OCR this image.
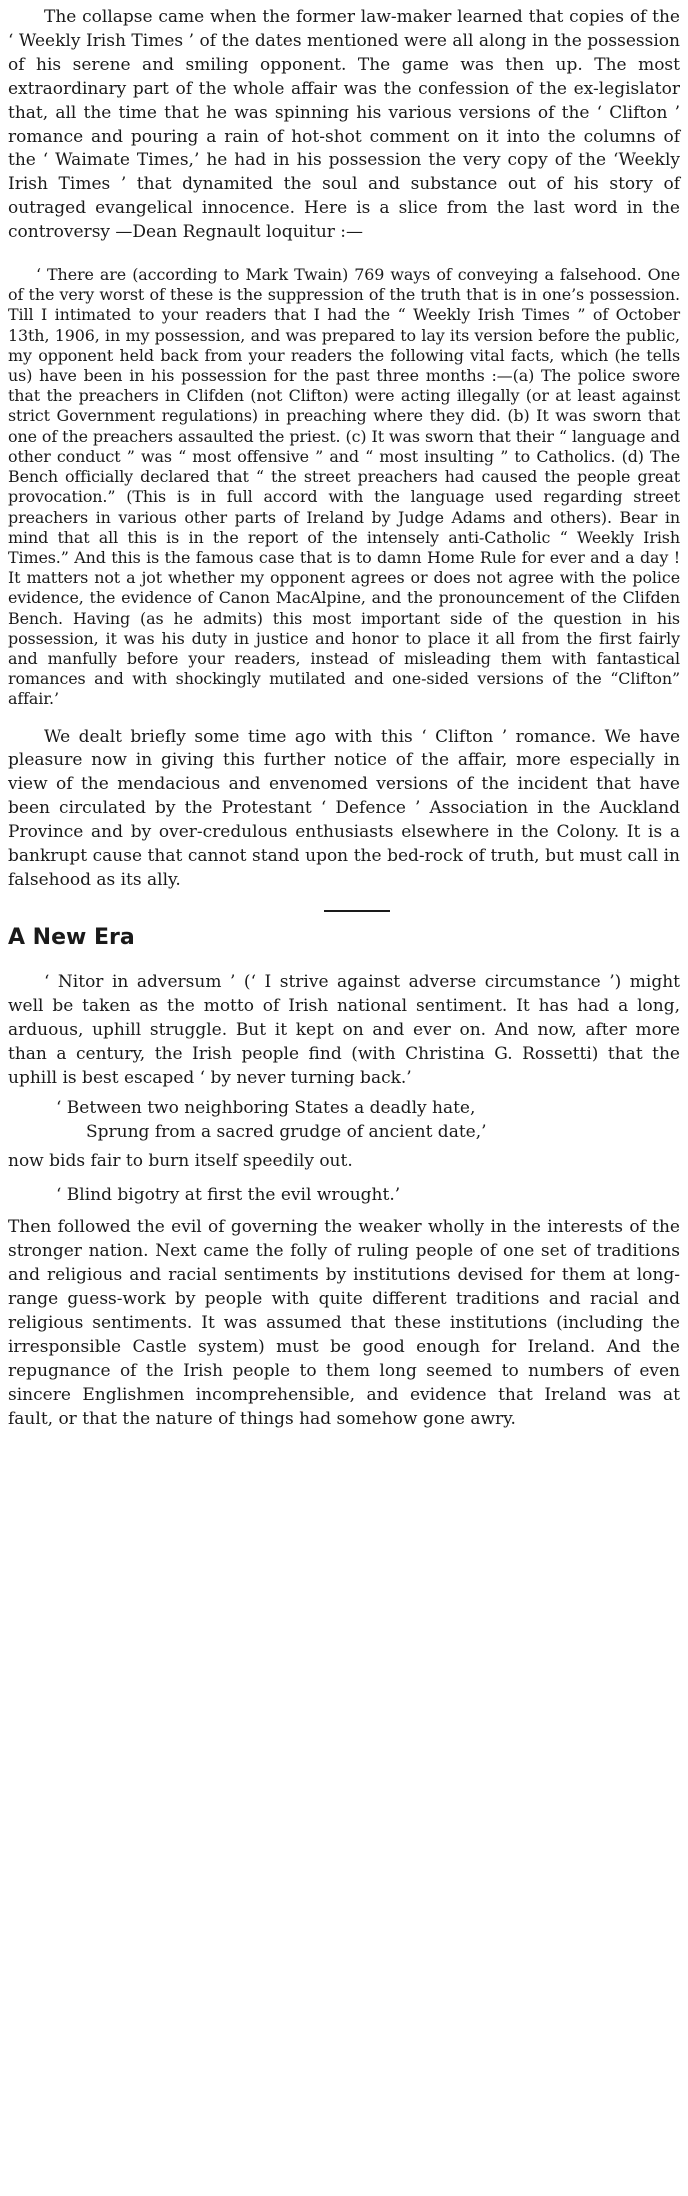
The collapse came when the former law-maker learned that copies of the ‘ Weekly Irish Times ’ of the dates mentioned were all along in the possession of his serene and smiling opponent. The game was then up. The most extraordinary part of the whole affair was the confession of the ex-legislator that, all the time that he was spinning his various versions of the ‘ Clifton ’ romance and pouring a rain of hot-shot comment on it into the columns of the ‘ Waimate Times,’ he had in his possession the very copy of the ‘Weekly Irish Times ’ that dynamited the soul and substance out of his story of outraged evangelical innocence. Here is a slice from the last word in the controversy —Dean Regnault loquitur :—

‘ There are (according to Mark Twain) 769 ways of conveying a falsehood. One of the very worst of these is the suppression of the truth that is in one’s possession. Till I intimated to your readers that I had the “ Weekly Irish Times ” of October 13th, 1906, in my possession, and was prepared to lay its version before the public, my opponent held back from your readers the following vital facts, which (he tells us) have been in his possession for the past three months :—(a) The police swore that the preachers in Clifden (not Clifton) were acting illegally (or at least against strict Government regulations) in preaching where they did. (b) It was sworn that one of the preachers assaulted the priest. (c) It was sworn that their “ language and other conduct ” was “ most offensive ” and “ most insulting ” to Catholics. (d) The Bench officially declared that “ the street preachers had caused the people great provocation.” (This is in full accord with the language used regarding street preachers in various other parts of Ireland by Judge Adams and others). Bear in mind that all this is in the report of the intensely anti-Catholic “ Weekly Irish Times.” And this is the famous case that is to damn Home Rule for ever and a day ! It matters not a jot whether my opponent agrees or does not agree with the police evidence, the evidence of Canon MacAlpine, and the pronouncement of the Clifden Bench. Having (as he admits) this most important side of the question in his possession, it was his duty in justice and honor to place it all from the first fairly and manfully before your readers, instead of misleading them with fantastical romances and with shockingly mutilated and one-sided versions of the “Clifton” affair.’

We dealt briefly some time ago with this ‘ Clifton ’ romance. We have pleasure now in giving this further notice of the affair, more especially in view of the mendacious and envenomed versions of the incident that have been circulated by the Protestant ‘ Defence ’ Association in the Auckland Province and by over-credulous enthusiasts elsewhere in the Colony. It is a bankrupt cause that cannot stand upon the bed-rock of truth, but must call in falsehood as its ally.

A New Era

‘ Nitor in adversum ’ (‘ I strive against adverse circumstance ’) might well be taken as the motto of Irish national sentiment. It has had a long, arduous, uphill struggle. But it kept on and ever on. And now, after more than a century, the Irish people find (with Christina G. Rossetti) that the uphill is best escaped ‘ by never turning back.’

‘ Between two neighboring States a deadly hate,
Sprung from a sacred grudge of ancient date,’

now bids fair to burn itself speedily out.

‘ Blind bigotry at first the evil wrought.’

Then followed the evil of governing the weaker wholly in the interests of the stronger nation. Next came the folly of ruling people of one set of traditions and religious and racial sentiments by institutions devised for them at long-range guess-work by people with quite different traditions and racial and religious sentiments. It was assumed that these institutions (including the irresponsible Castle system) must be good enough for Ireland. And the repugnance of the Irish people to them long seemed to numbers of even sincere Englishmen incomprehensible, and evidence that Ireland was at fault, or that the nature of things had somehow gone awry.
